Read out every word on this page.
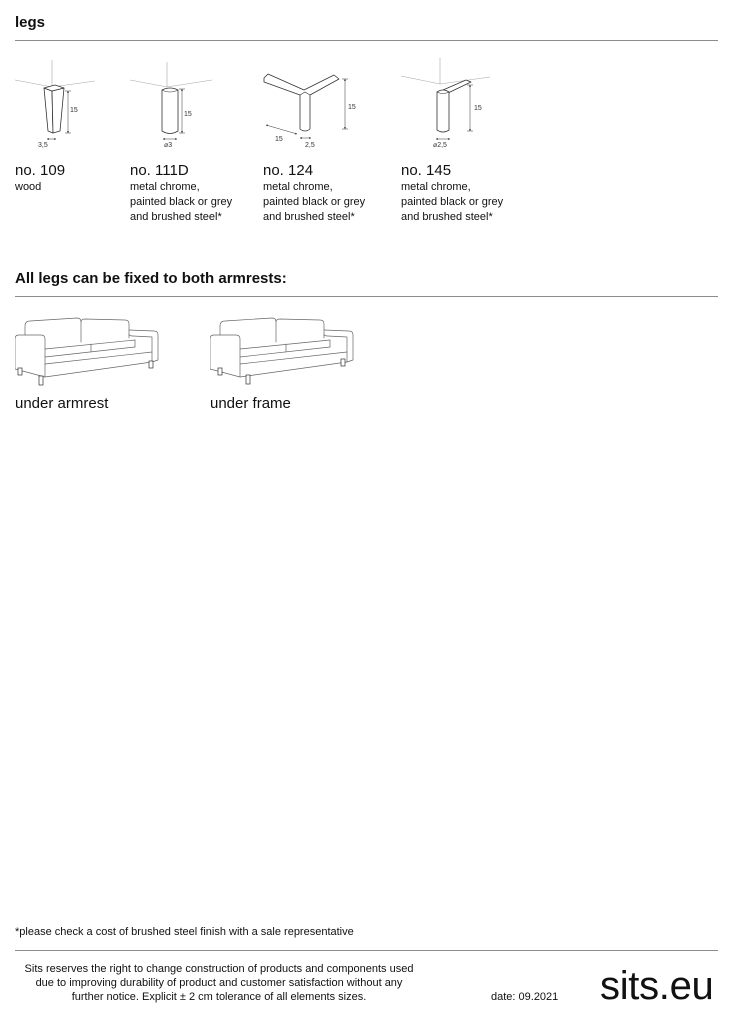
legs
15
3,5
15
⌀3
15
15
2,5
15
⌀2,5
no. 109
wood
no. 111D
metal chrome,
painted black or grey
and brushed steel*
no. 124
metal chrome,
painted black or grey
and brushed steel*
no. 145
metal chrome,
painted black or grey
and brushed steel*
All legs can be fixed to both armrests:
under armrest	under frame
*please check a cost of brushed steel finish with a sale representative
Sits reserves the right to change construction of products and components used
due to improving durability of product and customer satisfaction without any
further notice. Explicit ± 2 cm tolerance of all elements sizes.	date: 09.2021 sits.eu
